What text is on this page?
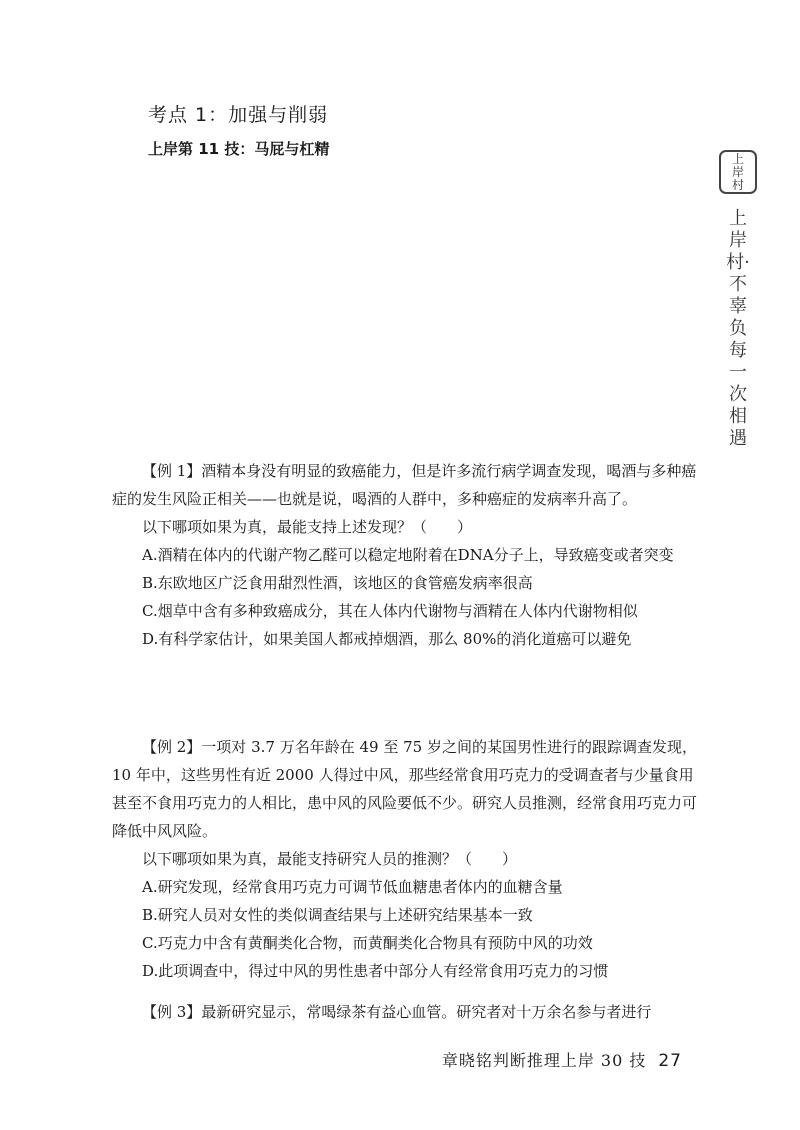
考点 1：加强与削弱
上岸第 11 技：马屁与杠精
上岸村
上岸村·不辜负每一次相遇

【例 1】酒精本身没有明显的致癌能力，但是许多流行病学调查发现，喝酒与多种癌症的发生风险正相关——也就是说，喝酒的人群中，多种癌症的发病率升高了。

以下哪项如果为真，最能支持上述发现？（　　）

A.酒精在体内的代谢产物乙醛可以稳定地附着在DNA分子上，导致癌变或者突变

B.东欧地区广泛食用甜烈性酒，该地区的食管癌发病率很高

C.烟草中含有多种致癌成分，其在人体内代谢物与酒精在人体内代谢物相似

D.有科学家估计，如果美国人都戒掉烟酒，那么 80%的消化道癌可以避免

【例 2】一项对 3.7 万名年龄在 49 至 75 岁之间的某国男性进行的跟踪调查发现，10 年中，这些男性有近 2000 人得过中风，那些经常食用巧克力的受调查者与少量食用甚至不食用巧克力的人相比，患中风的风险要低不少。研究人员推测，经常食用巧克力可降低中风风险。

以下哪项如果为真，最能支持研究人员的推测？（　　）

A.研究发现，经常食用巧克力可调节低血糖患者体内的血糖含量

B.研究人员对女性的类似调查结果与上述研究结果基本一致

C.巧克力中含有黄酮类化合物，而黄酮类化合物具有预防中风的功效

D.此项调查中，得过中风的男性患者中部分人有经常食用巧克力的习惯

【例 3】最新研究显示，常喝绿茶有益心血管。研究者对十万余名参与者进行

章晓铭判断推理上岸 30 技 27
